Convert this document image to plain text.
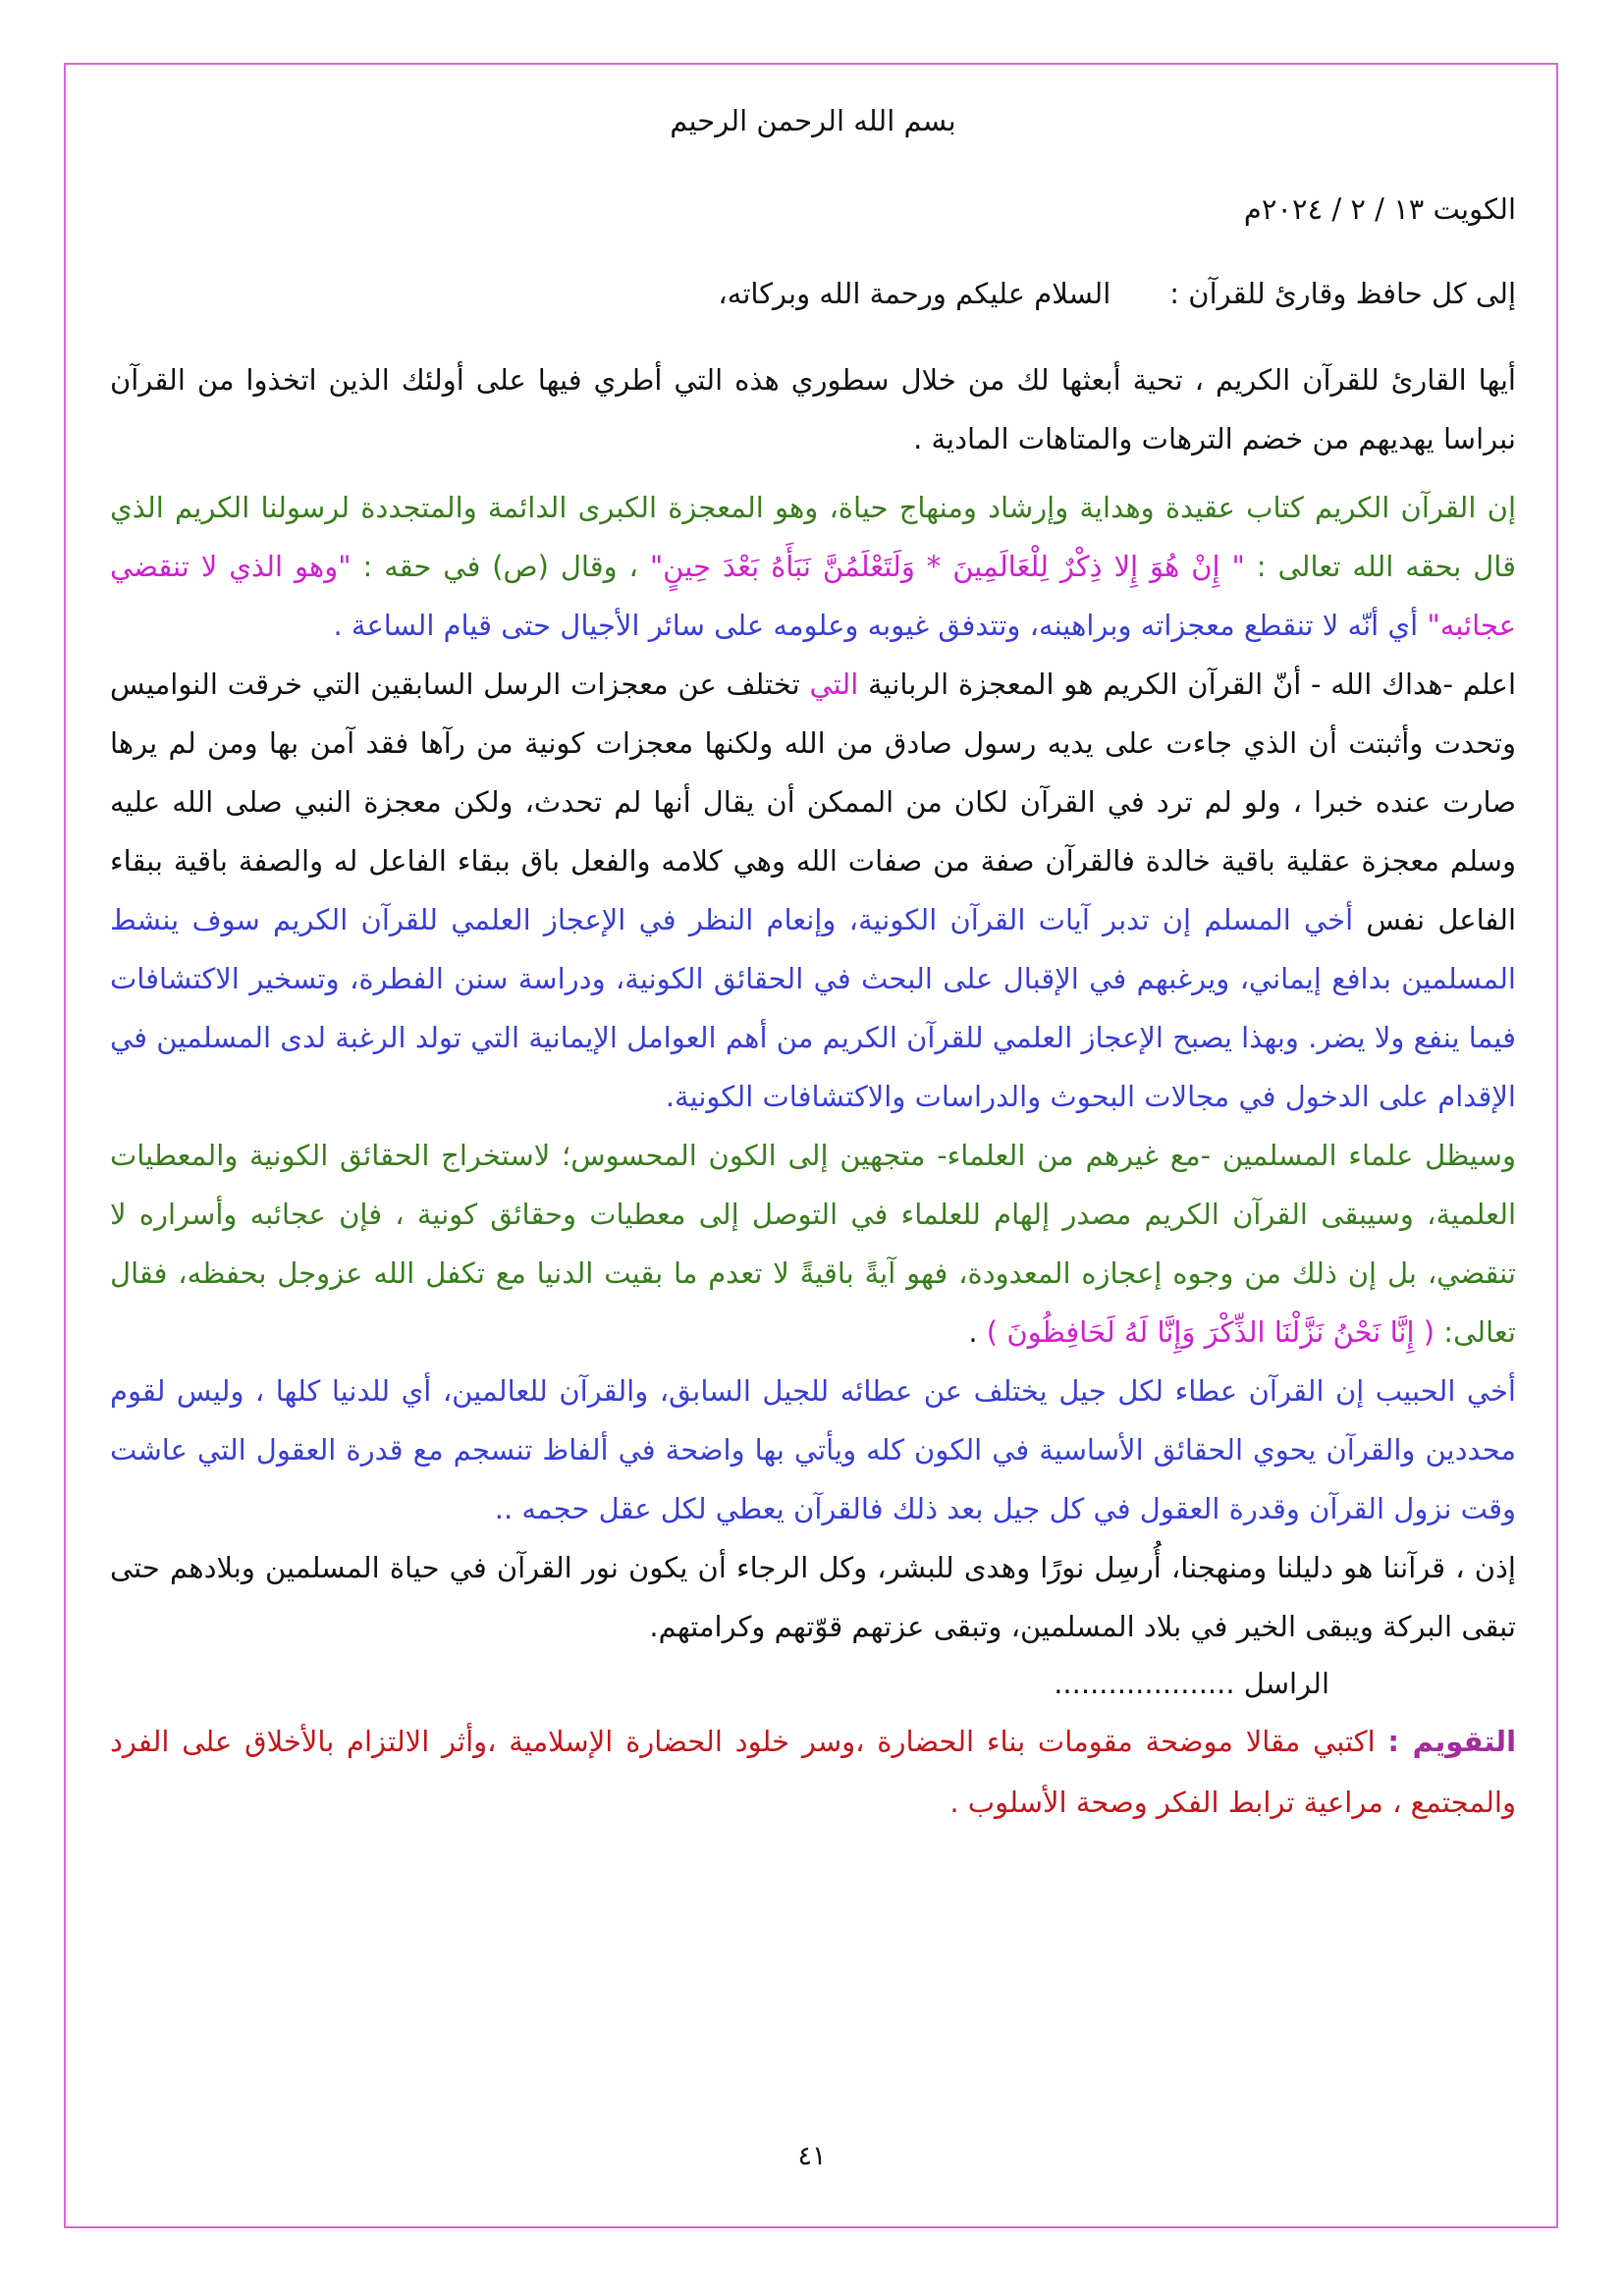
بسم الله الرحمن الرحيم

الكويت ١٣ / ٢ / ٢٠٢٤م

إلى كل حافظ وقارئ للقرآن :
السلام عليكم ورحمة الله وبركاته،

أيها القارئ للقرآن الكريم ، تحية أبعثها لك من خلال سطوري هذه التي أطري فيها على أولئك الذين اتخذوا من القرآن نبراسا يهديهم من خضم الترهات والمتاهات المادية .

إن القرآن الكريم كتاب عقيدة وهداية وإرشاد ومنهاج حياة، وهو المعجزة الكبرى الدائمة والمتجددة لرسولنا الكريم الذي قال بحقه الله تعالى : " إِنْ هُوَ إِلا ذِكْرٌ لِلْعَالَمِينَ * وَلَتَعْلَمُنَّ نَبَأَهُ بَعْدَ حِينٍ" ، وقال (ص) في حقه : "وهو الذي لا تنقضي عجائبه" أي أنّه لا تنقطع معجزاته وبراهينه، وتتدفق غيوبه وعلومه على سائر الأجيال حتى قيام الساعة .

اعلم -هداك الله - أنّ القرآن الكريم هو المعجزة الربانية التي تختلف عن معجزات الرسل السابقين التي خرقت النواميس وتحدت وأثبتت أن الذي جاءت على يديه رسول صادق من الله ولكنها معجزات كونية من رآها فقد آمن بها ومن لم يرها صارت عنده خبرا ، ولو لم ترد في القرآن لكان من الممكن أن يقال أنها لم تحدث، ولكن معجزة النبي صلى الله عليه وسلم معجزة عقلية باقية خالدة فالقرآن صفة من صفات الله وهي كلامه والفعل باق ببقاء الفاعل له والصفة باقية ببقاء الفاعل نفس أخي المسلم إن تدبر آيات القرآن الكونية، وإنعام النظر في الإعجاز العلمي للقرآن الكريم سوف ينشط المسلمين بدافع إيماني، ويرغبهم في الإقبال على البحث في الحقائق الكونية، ودراسة سنن الفطرة، وتسخير الاكتشافات فيما ينفع ولا يضر. وبهذا يصبح الإعجاز العلمي للقرآن الكريم من أهم العوامل الإيمانية التي تولد الرغبة لدى المسلمين في الإقدام على الدخول في مجالات البحوث والدراسات والاكتشافات الكونية.

وسيظل علماء المسلمين -مع غيرهم من العلماء- متجهين إلى الكون المحسوس؛ لاستخراج الحقائق الكونية والمعطيات العلمية، وسيبقى القرآن الكريم مصدر إلهام للعلماء في التوصل إلى معطيات وحقائق كونية ، فإن عجائبه وأسراره لا تنقضي، بل إن ذلك من وجوه إعجازه المعدودة، فهو آيةً باقيةً لا تعدم ما بقيت الدنيا مع تكفل الله عزوجل بحفظه، فقال تعالى: ( إِنَّا نَحْنُ نَزَّلْنَا الذِّكْرَ وَإِنَّا لَهُ لَحَافِظُونَ ) .

أخي الحبيب إن القرآن عطاء لكل جيل يختلف عن عطائه للجيل السابق، والقرآن للعالمين، أي للدنيا كلها ، وليس لقوم محددين والقرآن يحوي الحقائق الأساسية في الكون كله ويأتي بها واضحة في ألفاظ تنسجم مع قدرة العقول التي عاشت وقت نزول القرآن وقدرة العقول في كل جيل بعد ذلك فالقرآن يعطي لكل عقل حجمه ..

إذن ، قرآننا هو دليلنا ومنهجنا، أُرسِل نورًا وهدى للبشر، وكل الرجاء أن يكون نور القرآن في حياة المسلمين وبلادهم حتى تبقى البركة ويبقى الخير في بلاد المسلمين، وتبقى عزتهم قوّتهم وكرامتهم.

الراسل ....................

التقويم : اكتبي مقالا موضحة مقومات بناء الحضارة ،وسر خلود الحضارة الإسلامية ،وأثر الالتزام بالأخلاق على الفرد والمجتمع ، مراعية ترابط الفكر وصحة الأسلوب .

٤١
